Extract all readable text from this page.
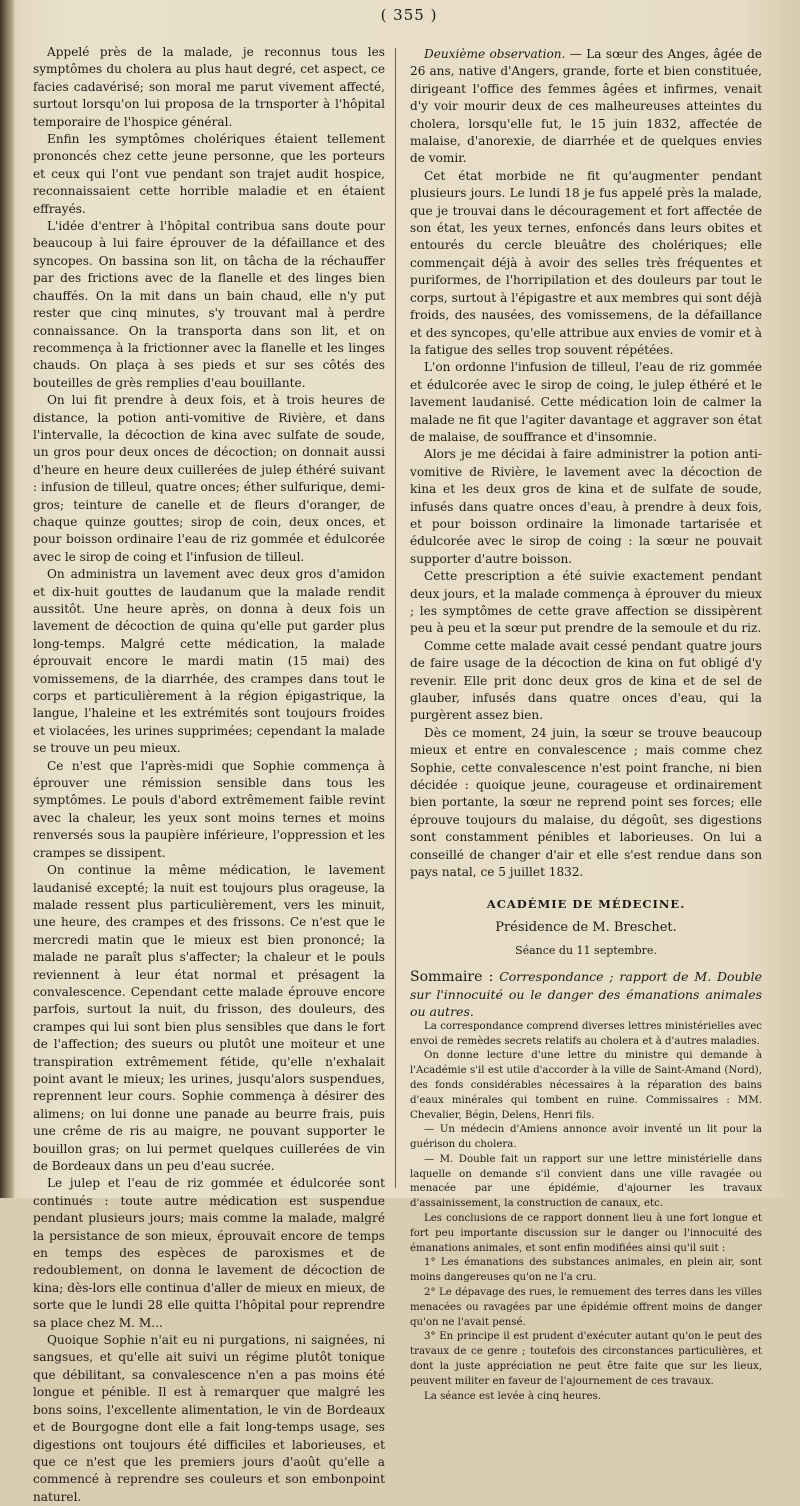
( 355 )

Appelé près de la malade, je reconnus tous les symptômes du cholera au plus haut degré, cet aspect, ce facies cadavérisé; son moral me parut vivement affecté, surtout lorsqu'on lui proposa de la trnsporter à l'hôpital temporaire de l'hospice général.

Enfin les symptômes cholériques étaient tellement prononcés chez cette jeune personne, que les porteurs et ceux qui l'ont vue pendant son trajet audit hospice, reconnaissaient cette horrible maladie et en étaient effrayés.

L'idée d'entrer à l'hôpital contribua sans doute pour beaucoup à lui faire éprouver de la défaillance et des syncopes. On bassina son lit, on tâcha de la réchauffer par des frictions avec de la flanelle et des linges bien chauffés. On la mit dans un bain chaud, elle n'y put rester que cinq minutes, s'y trouvant mal à perdre connaissance. On la transporta dans son lit, et on recommença à la frictionner avec la flanelle et les linges chauds. On plaça à ses pieds et sur ses côtés des bouteilles de grès remplies d'eau bouillante.

On lui fit prendre à deux fois, et à trois heures de distance, la potion anti-vomitive de Rivière, et dans l'intervalle, la décoction de kina avec sulfate de soude, un gros pour deux onces de décoction; on donnait aussi d'heure en heure deux cuillerées de julep éthéré suivant : infusion de tilleul, quatre onces; éther sulfurique, demi-gros; teinture de canelle et de fleurs d'oranger, de chaque quinze gouttes; sirop de coin, deux onces, et pour boisson ordinaire l'eau de riz gommée et édulcorée avec le sirop de coing et l'infusion de tilleul.

On administra un lavement avec deux gros d'amidon et dix-huit gouttes de laudanum que la malade rendit aussitôt. Une heure après, on donna à deux fois un lavement de décoction de quina qu'elle put garder plus long-temps. Malgré cette médication, la malade éprouvait encore le mardi matin (15 mai) des vomissemens, de la diarrhée, des crampes dans tout le corps et particulièrement à la région épigastrique, la langue, l'haleine et les extrémités sont toujours froides et violacées, les urines supprimées; cependant la malade se trouve un peu mieux.

Ce n'est que l'après-midi que Sophie commença à éprouver une rémission sensible dans tous les symptômes. Le pouls d'abord extrêmement faible revint avec la chaleur, les yeux sont moins ternes et moins renversés sous la paupière inférieure, l'oppression et les crampes se dissipent.

On continue la même médication, le lavement laudanisé excepté; la nuit est toujours plus orageuse, la malade ressent plus particulièrement, vers les minuit, une heure, des crampes et des frissons. Ce n'est que le mercredi matin que le mieux est bien prononcé; la malade ne paraît plus s'affecter; la chaleur et le pouls reviennent à leur état normal et présagent la convalescence. Cependant cette malade éprouve encore parfois, surtout la nuit, du frisson, des douleurs, des crampes qui lui sont bien plus sensibles que dans le fort de l'affection; des sueurs ou plutôt une moiteur et une transpiration extrêmement fétide, qu'elle n'exhalait point avant le mieux; les urines, jusqu'alors suspendues, reprennent leur cours. Sophie commença à désirer des alimens; on lui donne une panade au beurre frais, puis une crême de ris au maigre, ne pouvant supporter le bouillon gras; on lui permet quelques cuillerées de vin de Bordeaux dans un peu d'eau sucrée.

Le julep et l'eau de riz gommée et édulcorée sont continués : toute autre médication est suspendue pendant plusieurs jours; mais comme la malade, malgré la persistance de son mieux, éprouvait encore de temps en temps des espèces de paroxismes et de redoublement, on donna le lavement de décoction de kina; dès-lors elle continua d'aller de mieux en mieux, de sorte que le lundi 28 elle quitta l'hôpital pour reprendre sa place chez M. M...

Quoique Sophie n'ait eu ni purgations, ni saignées, ni sangsues, et qu'elle ait suivi un régime plutôt tonique que débilitant, sa convalescence n'en a pas moins été longue et pénible. Il est à remarquer que malgré les bons soins, l'excellente alimentation, le vin de Bordeaux et de Bourgogne dont elle a fait long-temps usage, ses digestions ont toujours été difficiles et laborieuses, et que ce n'est que les premiers jours d'août qu'elle a commencé à reprendre ses couleurs et son embonpoint naturel.

Deuxième observation. — La sœur des Anges, âgée de 26 ans, native d'Angers, grande, forte et bien constituée, dirigeant l'office des femmes âgées et infirmes, venait d'y voir mourir deux de ces malheureuses atteintes du cholera, lorsqu'elle fut, le 15 juin 1832, affectée de malaise, d'anorexie, de diarrhée et de quelques envies de vomir.

Cet état morbide ne fit qu'augmenter pendant plusieurs jours. Le lundi 18 je fus appelé près la malade, que je trouvai dans le découragement et fort affectée de son état, les yeux ternes, enfoncés dans leurs obites et entourés du cercle bleuâtre des cholériques; elle commençait déjà à avoir des selles très fréquentes et puriformes, de l'horripilation et des douleurs par tout le corps, surtout à l'épigastre et aux membres qui sont déjà froids, des nausées, des vomissemens, de la défaillance et des syncopes, qu'elle attribue aux envies de vomir et à la fatigue des selles trop souvent répétées.

L'on ordonne l'infusion de tilleul, l'eau de riz gommée et édulcorée avec le sirop de coing, le julep éthéré et le lavement laudanisé. Cette médication loin de calmer la malade ne fit que l'agiter davantage et aggraver son état de malaise, de souffrance et d'insomnie.

Alors je me décidai à faire administrer la potion anti-vomitive de Rivière, le lavement avec la décoction de kina et les deux gros de kina et de sulfate de soude, infusés dans quatre onces d'eau, à prendre à deux fois, et pour boisson ordinaire la limonade tartarisée et édulcorée avec le sirop de coing : la sœur ne pouvait supporter d'autre boisson.

Cette prescription a été suivie exactement pendant deux jours, et la malade commença à éprouver du mieux ; les symptômes de cette grave affection se dissipèrent peu à peu et la sœur put prendre de la semoule et du riz.

Comme cette malade avait cessé pendant quatre jours de faire usage de la décoction de kina on fut obligé d'y revenir. Elle prit donc deux gros de kina et de sel de glauber, infusés dans quatre onces d'eau, qui la purgèrent assez bien.

Dès ce moment, 24 juin, la sœur se trouve beaucoup mieux et entre en convalescence ; mais comme chez Sophie, cette convalescence n'est point franche, ni bien décidée : quoique jeune, courageuse et ordinairement bien portante, la sœur ne reprend point ses forces; elle éprouve toujours du malaise, du dégoût, ses digestions sont constamment pénibles et laborieuses. On lui a conseillé de changer d'air et elle s'est rendue dans son pays natal, ce 5 juillet 1832.

ACADÉMIE DE MÉDECINE.
Présidence de M. Breschet.
Séance du 11 septembre.

Sommaire : Correspondance ; rapport de M. Double sur l'innocuité ou le danger des émanations animales ou autres.

La correspondance comprend diverses lettres ministérielles avec envoi de remèdes secrets relatifs au cholera et à d'autres maladies.

On donne lecture d'une lettre du ministre qui demande à l'Académie s'il est utile d'accorder à la ville de Saint-Amand (Nord), des fonds considérables nécessaires à la réparation des bains d'eaux minérales qui tombent en ruine. Commissaires : MM. Chevalier, Bégin, Delens, Henri fils.

— Un médecin d'Amiens annonce avoir inventé un lit pour la guérison du cholera.

— M. Double fait un rapport sur une lettre ministérielle dans laquelle on demande s'il convient dans une ville ravagée ou menacée par une épidémie, d'ajourner les travaux d'assainissement, la construction de canaux, etc.

Les conclusions de ce rapport donnent lieu à une fort longue et fort peu importante discussion sur le danger ou l'innocuité des émanations animales, et sont enfin modifiées ainsi qu'il suit :

1° Les émanations des substances animales, en plein air, sont moins dangereuses qu'on ne l'a cru.

2° Le dépavage des rues, le remuement des terres dans les villes menacées ou ravagées par une épidémie offrent moins de danger qu'on ne l'avait pensé.

3° En principe il est prudent d'exécuter autant qu'on le peut des travaux de ce genre ; toutefois des circonstances particulières, et dont la juste appréciation ne peut être faite que sur les lieux, peuvent militer en faveur de l'ajournement de ces travaux.

La séance est levée à cinq heures.
